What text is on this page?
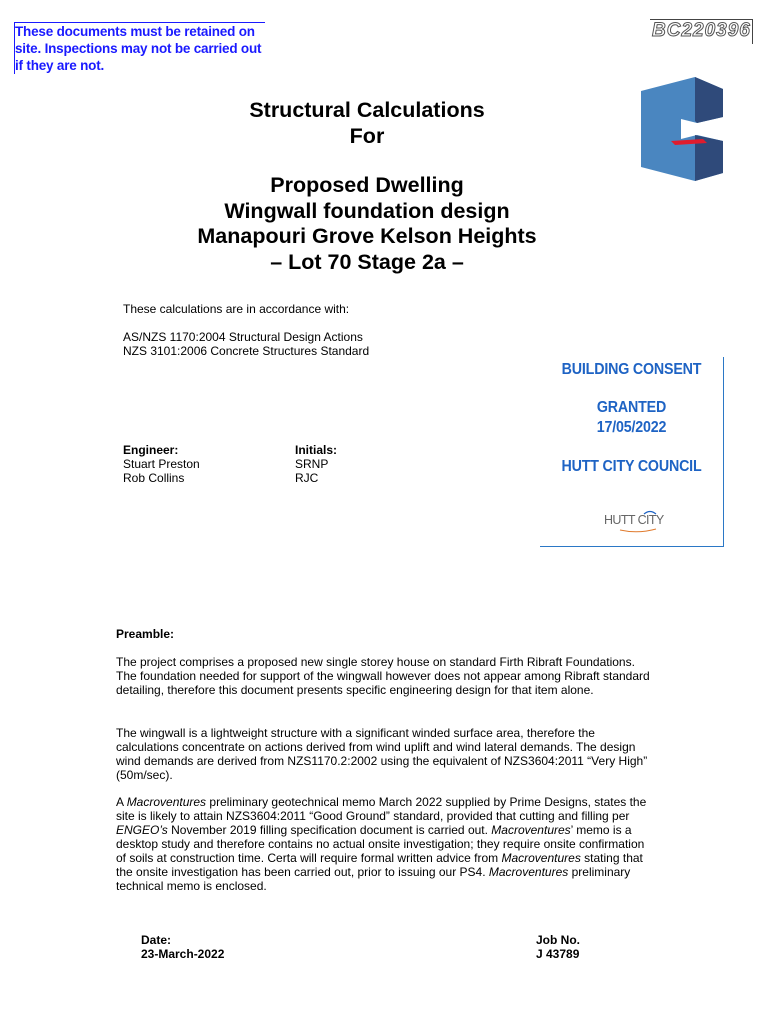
These documents must be retained on

site. Inspections may not be carried out

if they are not.

BC220396

Structural Calculations

For

Proposed Dwelling

Wingwall foundation design

Manapouri Grove Kelson Heights

– Lot 70 Stage 2a –

These calculations are in accordance with:

AS/NZS 1170:2004 Structural Design Actions

NZS 3101:2006 Concrete Structures Standard

BUILDING CONSENT
GRANTED
17/05/2022
HUTT CITY COUNCIL
HUTT CITY

Engineer:

Stuart Preston

Rob Collins

Initials:

SRNP

RJC

Preamble:
The project comprises a proposed new single storey house on standard Firth Ribraft Foundations. The foundation needed for support of the wingwall however does not appear among Ribraft standard detailing, therefore this document presents specific engineering design for that item alone.
The wingwall is a lightweight structure with a significant winded surface area, therefore the calculations concentrate on actions derived from wind uplift and wind lateral demands. The design wind demands are derived from NZS1170.2:2002 using the equivalent of NZS3604:2011 “Very High” (50m/sec).
A Macroventures preliminary geotechnical memo March 2022 supplied by Prime Designs, states the site is likely to attain NZS3604:2011 “Good Ground” standard, provided that cutting and filling per ENGEO’s November 2019 filling specification document is carried out. Macroventures’ memo is a desktop study and therefore contains no actual onsite investigation; they require onsite confirmation of soils at construction time. Certa will require formal written advice from Macroventures stating that the onsite investigation has been carried out, prior to issuing our PS4. Macroventures preliminary technical memo is enclosed.
Date:
23-March-2022
Job No.
J 43789
